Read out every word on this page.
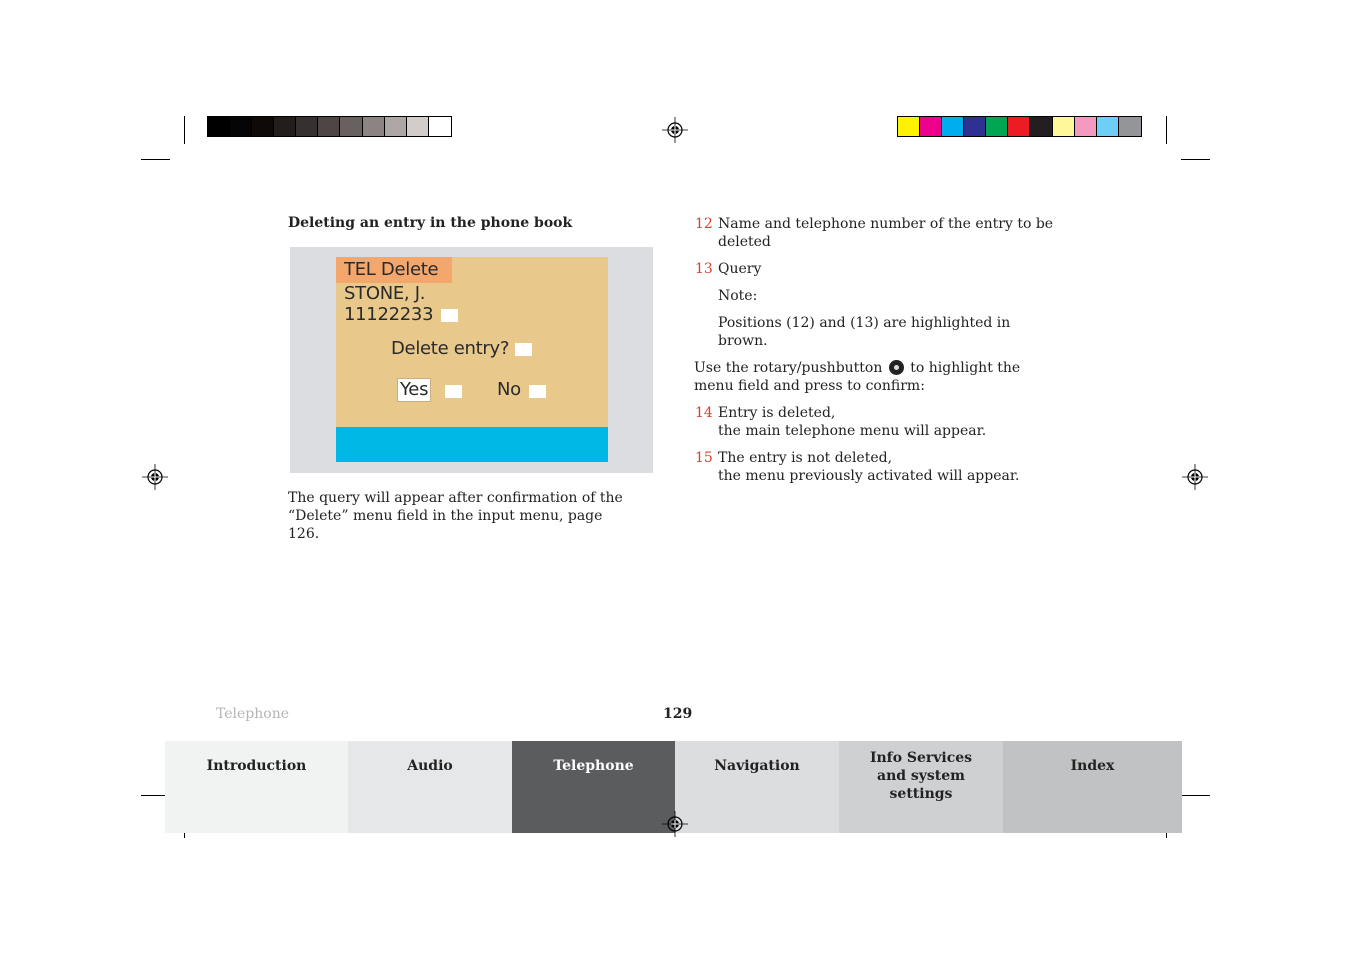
Deleting an entry in the phone book
TEL Delete
STONE, J.
11122233
Delete entry?
Yes	No
The query will appear after confirmation of the “Delete” menu field in the input menu, page 126.
12 Name and telephone number of the entry to be deleted
13 Query
Note:
Positions (12) and (13) are highlighted in brown.
Use the rotary/pushbutton to highlight the menu field and press to confirm:
14 Entry is deleted,
the main telephone menu will appear.
15 The entry is not deleted,
the menu previously activated will appear.
Telephone	129
Introduction	Audio	Telephone	Navigation	Info Services and system settings
Index
